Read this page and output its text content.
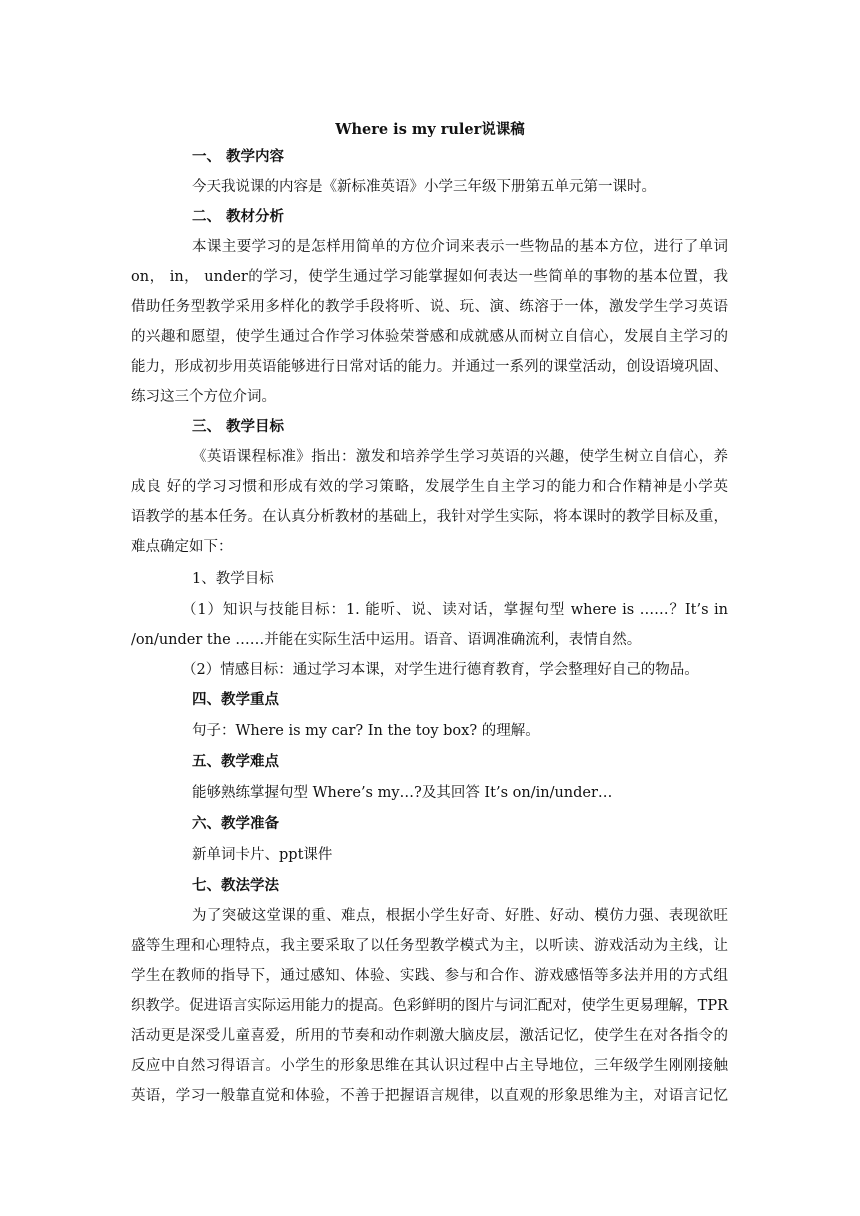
Where is my ruler说课稿
一、 教学内容
今天我说课的内容是《新标准英语》小学三年级下册第五单元第一课时。
二、 教材分析
本课主要学习的是怎样用简单的方位介词来表示一些物品的基本方位，进行了单词
on， in， under的学习，使学生通过学习能掌握如何表达一些简单的事物的基本位置，我
借助任务型教学采用多样化的教学手段将听、说、玩、演、练溶于一体，激发学生学习英语
的兴趣和愿望，使学生通过合作学习体验荣誉感和成就感从而树立自信心，发展自主学习的
能力，形成初步用英语能够进行日常对话的能力。并通过一系列的课堂活动，创设语境巩固、
练习这三个方位介词。
三、 教学目标
《英语课程标准》指出：激发和培养学生学习英语的兴趣，使学生树立自信心，养
成良 好的学习习惯和形成有效的学习策略，发展学生自主学习的能力和合作精神是小学英
语教学的基本任务。在认真分析教材的基础上，我针对学生实际，将本课时的教学目标及重，
难点确定如下：
1、教学目标
（1）知识与技能目标：1. 能听、说、读对话，掌握句型 where is ……？It’s in
/on/under the ……并能在实际生活中运用。语音、语调准确流利，表情自然。
（2）情感目标：通过学习本课，对学生进行德育教育，学会整理好自己的物品。
四、教学重点
句子：Where is my car? In the toy box? 的理解。
五、教学难点
能够熟练掌握句型 Where’s my…?及其回答 It’s on/in/under…
六、教学准备
新单词卡片、ppt课件
七、教法学法
为了突破这堂课的重、难点，根据小学生好奇、好胜、好动、模仿力强、表现欲旺
盛等生理和心理特点，我主要采取了以任务型教学模式为主，以听读、游戏活动为主线，让
学生在教师的指导下，通过感知、体验、实践、参与和合作、游戏感悟等多法并用的方式组
织教学。促进语言实际运用能力的提高。色彩鲜明的图片与词汇配对，使学生更易理解，TPR
活动更是深受儿童喜爱，所用的节奏和动作刺激大脑皮层，激活记忆，使学生在对各指令的
反应中自然习得语言。小学生的形象思维在其认识过程中占主导地位，三年级学生刚刚接触
英语，学习一般靠直觉和体验，不善于把握语言规律，以直观的形象思维为主，对语言记忆
